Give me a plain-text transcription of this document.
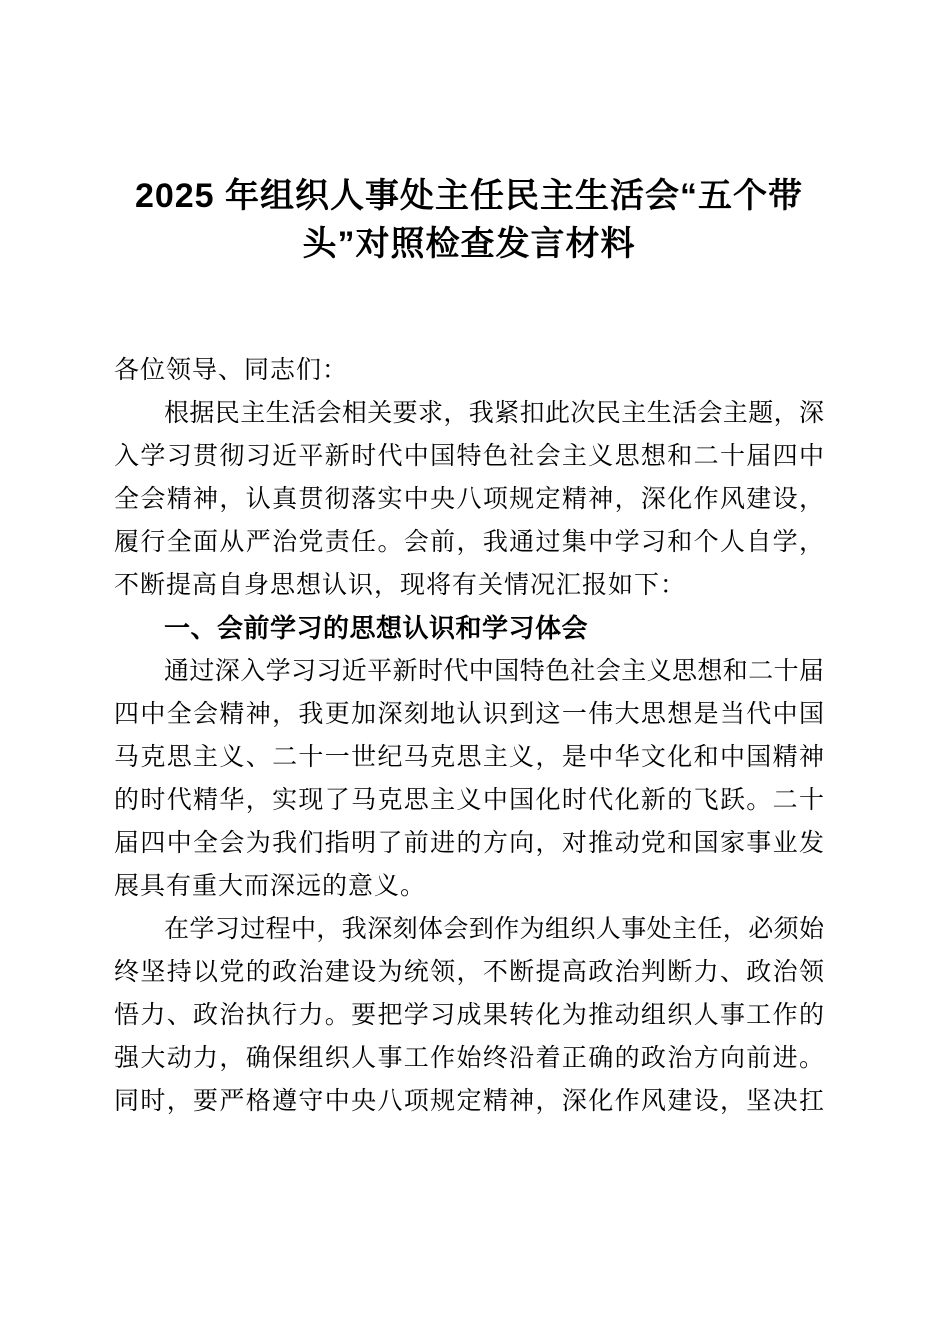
2025 年组织人事处主任民主生活会“五个带
头”对照检查发言材料
各位领导、同志们：
根据民主生活会相关要求，我紧扣此次民主生活会主题，深
入学习贯彻习近平新时代中国特色社会主义思想和二十届四中
全会精神，认真贯彻落实中央八项规定精神，深化作风建设，
履行全面从严治党责任。会前，我通过集中学习和个人自学，
不断提高自身思想认识，现将有关情况汇报如下：
一、会前学习的思想认识和学习体会
通过深入学习习近平新时代中国特色社会主义思想和二十届
四中全会精神，我更加深刻地认识到这一伟大思想是当代中国
马克思主义、二十一世纪马克思主义，是中华文化和中国精神
的时代精华，实现了马克思主义中国化时代化新的飞跃。二十
届四中全会为我们指明了前进的方向，对推动党和国家事业发
展具有重大而深远的意义。
在学习过程中，我深刻体会到作为组织人事处主任，必须始
终坚持以党的政治建设为统领，不断提高政治判断力、政治领
悟力、政治执行力。要把学习成果转化为推动组织人事工作的
强大动力，确保组织人事工作始终沿着正确的政治方向前进。
同时，要严格遵守中央八项规定精神，深化作风建设，坚决扛
